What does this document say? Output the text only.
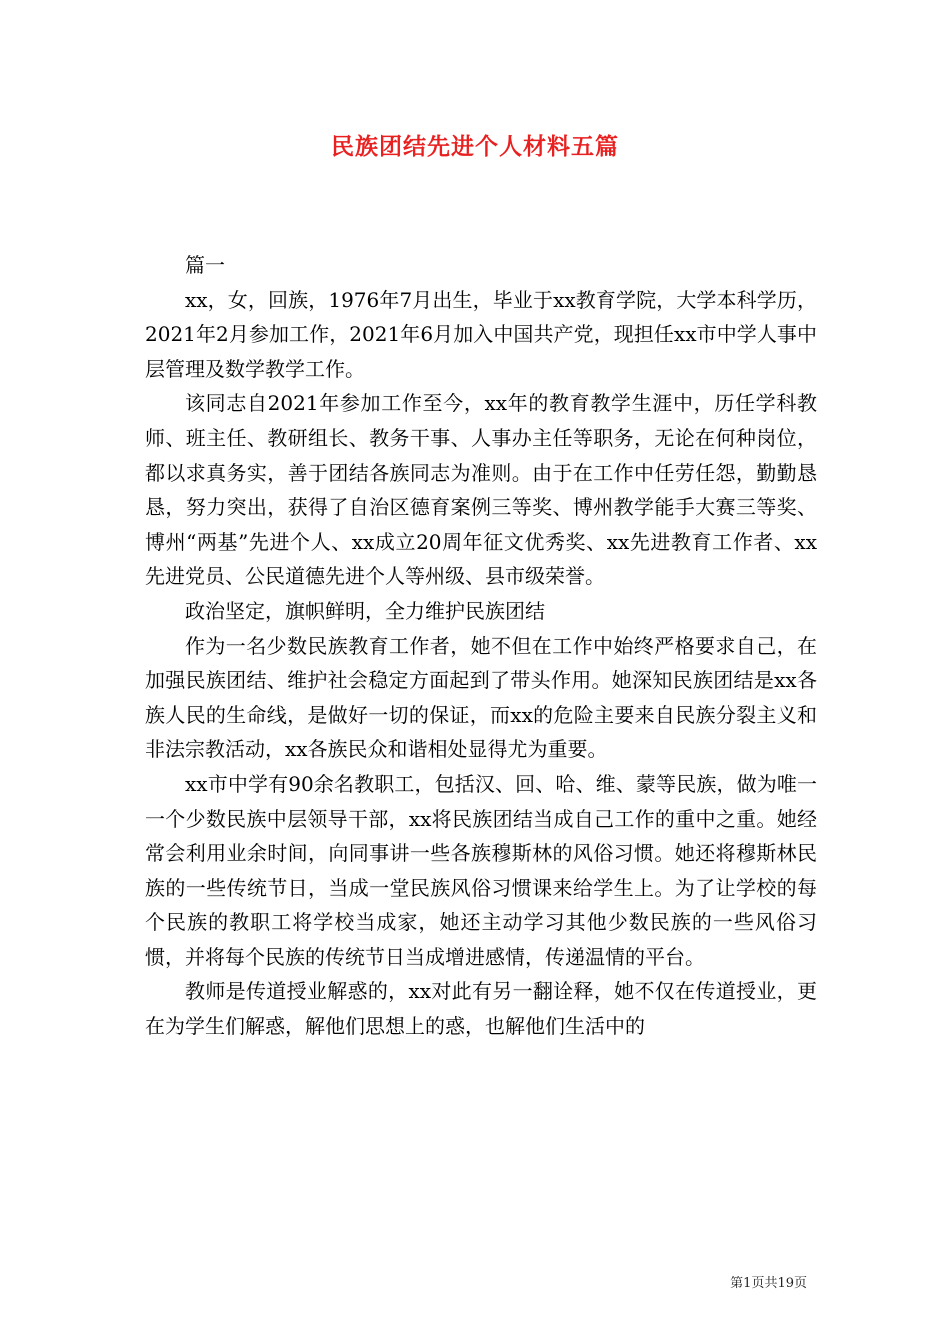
民族团结先进个人材料五篇

篇一

xx，女，回族，1976年7月出生，毕业于xx教育学院，大学本科学历，2021年2月参加工作，2021年6月加入中国共产党，现担任xx市中学人事中层管理及数学教学工作。

该同志自2021年参加工作至今，xx年的教育教学生涯中，历任学科教师、班主任、教研组长、教务干事、人事办主任等职务，无论在何种岗位，都以求真务实，善于团结各族同志为准则。由于在工作中任劳任怨，勤勤恳恳，努力突出，获得了自治区德育案例三等奖、博州教学能手大赛三等奖、博州“两基”先进个人、xx成立20周年征文优秀奖、xx先进教育工作者、xx先进党员、公民道德先进个人等州级、县市级荣誉。

政治坚定，旗帜鲜明，全力维护民族团结

作为一名少数民族教育工作者，她不但在工作中始终严格要求自己，在加强民族团结、维护社会稳定方面起到了带头作用。她深知民族团结是xx各族人民的生命线，是做好一切的保证，而xx的危险主要来自民族分裂主义和非法宗教活动，xx各族民众和谐相处显得尤为重要。

xx市中学有90余名教职工，包括汉、回、哈、维、蒙等民族，做为唯一一个少数民族中层领导干部，xx将民族团结当成自己工作的重中之重。她经常会利用业余时间，向同事讲一些各族穆斯林的风俗习惯。她还将穆斯林民族的一些传统节日，当成一堂民族风俗习惯课来给学生上。为了让学校的每个民族的教职工将学校当成家，她还主动学习其他少数民族的一些风俗习惯，并将每个民族的传统节日当成增进感情，传递温情的平台。

教师是传道授业解惑的，xx对此有另一翻诠释，她不仅在传道授业，更在为学生们解惑，解他们思想上的惑，也解他们生活中的

第1页共19页
